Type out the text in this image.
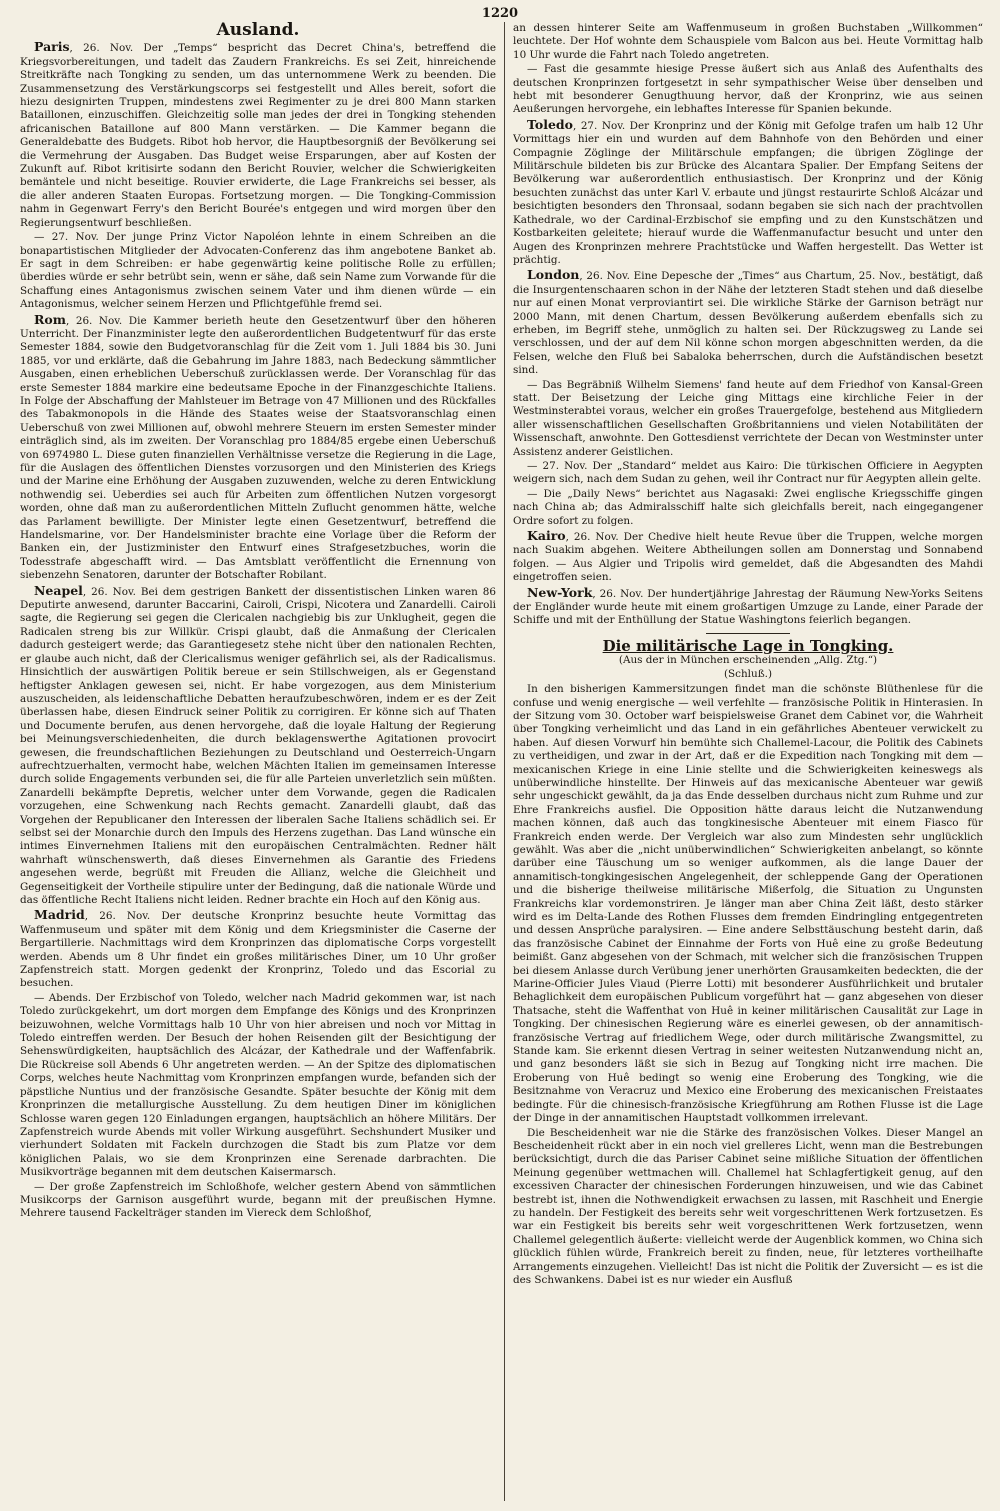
1220
Ausland.

Paris, 26. Nov. Der „Temps“ bespricht das Decret China's, betreffend die Kriegsvorbereitungen, und tadelt das Zaudern Frankreichs. Es sei Zeit, hinreichende Streitkräfte nach Tongking zu senden, um das unternommene Werk zu beenden. Die Zusammensetzung des Verstärkungscorps sei festgestellt und Alles bereit, sofort die hiezu designirten Truppen, mindestens zwei Regimenter zu je drei 800 Mann starken Bataillonen, einzuschiffen. Gleichzeitig solle man jedes der drei in Tongking stehenden africanischen Bataillone auf 800 Mann verstärken. — Die Kammer begann die Generaldebatte des Budgets. Ribot hob hervor, die Hauptbesorgniß der Bevölkerung sei die Vermehrung der Ausgaben. Das Budget weise Ersparungen, aber auf Kosten der Zukunft auf. Ribot kritisirte sodann den Bericht Rouvier, welcher die Schwierigkeiten bemäntele und nicht beseitige. Rouvier erwiderte, die Lage Frankreichs sei besser, als die aller anderen Staaten Europas. Fortsetzung morgen. — Die Tongking-Commission nahm in Gegenwart Ferry's den Bericht Bourée's entgegen und wird morgen über den Regierungsentwurf beschließen.

— 27. Nov. Der junge Prinz Victor Napoléon lehnte in einem Schreiben an die bonapartistischen Mitglieder der Advocaten-Conferenz das ihm angebotene Banket ab. Er sagt in dem Schreiben: er habe gegenwärtig keine politische Rolle zu erfüllen; überdies würde er sehr betrübt sein, wenn er sähe, daß sein Name zum Vorwande für die Schaffung eines Antagonismus zwischen seinem Vater und ihm dienen würde — ein Antagonismus, welcher seinem Herzen und Pflichtgefühle fremd sei.

Rom, 26. Nov. Die Kammer berieth heute den Gesetzentwurf über den höheren Unterricht. Der Finanzminister legte den außerordentlichen Budgetentwurf für das erste Semester 1884, sowie den Budgetvoranschlag für die Zeit vom 1. Juli 1884 bis 30. Juni 1885, vor und erklärte, daß die Gebahrung im Jahre 1883, nach Bedeckung sämmtlicher Ausgaben, einen erheblichen Ueberschuß zurücklassen werde. Der Voranschlag für das erste Semester 1884 markire eine bedeutsame Epoche in der Finanzgeschichte Italiens. In Folge der Abschaffung der Mahlsteuer im Betrage von 47 Millionen und des Rückfalles des Tabakmonopols in die Hände des Staates weise der Staatsvoranschlag einen Ueberschuß von zwei Millionen auf, obwohl mehrere Steuern im ersten Semester minder einträglich sind, als im zweiten. Der Voranschlag pro 1884/85 ergebe einen Ueberschuß von 6974980 L. Diese guten finanziellen Verhältnisse versetze die Regierung in die Lage, für die Auslagen des öffentlichen Dienstes vorzusorgen und den Ministerien des Kriegs und der Marine eine Erhöhung der Ausgaben zuzuwenden, welche zu deren Entwicklung nothwendig sei. Ueberdies sei auch für Arbeiten zum öffentlichen Nutzen vorgesorgt worden, ohne daß man zu außerordentlichen Mitteln Zuflucht genommen hätte, welche das Parlament bewilligte. Der Minister legte einen Gesetzentwurf, betreffend die Handelsmarine, vor. Der Handelsminister brachte eine Vorlage über die Reform der Banken ein, der Justizminister den Entwurf eines Strafgesetzbuches, worin die Todesstrafe abgeschafft wird. — Das Amtsblatt veröffentlicht die Ernennung von siebenzehn Senatoren, darunter der Botschafter Robilant.

Neapel, 26. Nov. Bei dem gestrigen Bankett der dissentistischen Linken waren 86 Deputirte anwesend, darunter Baccarini, Cairoli, Crispi, Nicotera und Zanardelli. Cairoli sagte, die Regierung sei gegen die Clericalen nachgiebig bis zur Unklugheit, gegen die Radicalen streng bis zur Willkür. Crispi glaubt, daß die Anmaßung der Clericalen dadurch gesteigert werde; das Garantiegesetz stehe nicht über den nationalen Rechten, er glaube auch nicht, daß der Clericalismus weniger gefährlich sei, als der Radicalismus. Hinsichtlich der auswärtigen Politik bereue er sein Stillschweigen, als er Gegenstand heftigster Anklagen gewesen sei, nicht. Er habe vorgezogen, aus dem Ministerium auszuscheiden, als leidenschaftliche Debatten heraufzubeschwören, indem er es der Zeit überlassen habe, diesen Eindruck seiner Politik zu corrigiren. Er könne sich auf Thaten und Documente berufen, aus denen hervorgehe, daß die loyale Haltung der Regierung bei Meinungsverschiedenheiten, die durch beklagenswerthe Agitationen provocirt gewesen, die freundschaftlichen Beziehungen zu Deutschland und Oesterreich-Ungarn aufrechtzuerhalten, vermocht habe, welchen Mächten Italien im gemeinsamen Interesse durch solide Engagements verbunden sei, die für alle Parteien unverletzlich sein müßten. Zanardelli bekämpfte Depretis, welcher unter dem Vorwande, gegen die Radicalen vorzugehen, eine Schwenkung nach Rechts gemacht. Zanardelli glaubt, daß das Vorgehen der Republicaner den Interessen der liberalen Sache Italiens schädlich sei. Er selbst sei der Monarchie durch den Impuls des Herzens zugethan. Das Land wünsche ein intimes Einvernehmen Italiens mit den europäischen Centralmächten. Redner hält wahrhaft wünschenswerth, daß dieses Einvernehmen als Garantie des Friedens angesehen werde, begrüßt mit Freuden die Allianz, welche die Gleichheit und Gegenseitigkeit der Vortheile stipulire unter der Bedingung, daß die nationale Würde und das öffentliche Recht Italiens nicht leiden. Redner brachte ein Hoch auf den König aus.

Madrid, 26. Nov. Der deutsche Kronprinz besuchte heute Vormittag das Waffenmuseum und später mit dem König und dem Kriegsminister die Caserne der Bergartillerie. Nachmittags wird dem Kronprinzen das diplomatische Corps vorgestellt werden. Abends um 8 Uhr findet ein großes militärisches Diner, um 10 Uhr großer Zapfenstreich statt. Morgen gedenkt der Kronprinz, Toledo und das Escorial zu besuchen.

— Abends. Der Erzbischof von Toledo, welcher nach Madrid gekommen war, ist nach Toledo zurückgekehrt, um dort morgen dem Empfange des Königs und des Kronprinzen beizuwohnen, welche Vormittags halb 10 Uhr von hier abreisen und noch vor Mittag in Toledo eintreffen werden. Der Besuch der hohen Reisenden gilt der Besichtigung der Sehenswürdigkeiten, hauptsächlich des Alcázar, der Kathedrale und der Waffenfabrik. Die Rückreise soll Abends 6 Uhr angetreten werden. — An der Spitze des diplomatischen Corps, welches heute Nachmittag vom Kronprinzen empfangen wurde, befanden sich der päpstliche Nuntius und der französische Gesandte. Später besuchte der König mit dem Kronprinzen die metallurgische Ausstellung. Zu dem heutigen Diner im königlichen Schlosse waren gegen 120 Einladungen ergangen, hauptsächlich an höhere Militärs. Der Zapfenstreich wurde Abends mit voller Wirkung ausgeführt. Sechshundert Musiker und vierhundert Soldaten mit Fackeln durchzogen die Stadt bis zum Platze vor dem königlichen Palais, wo sie dem Kronprinzen eine Serenade darbrachten. Die Musikvorträge begannen mit dem deutschen Kaisermarsch.

— Der große Zapfenstreich im Schloßhofe, welcher gestern Abend von sämmtlichen Musikcorps der Garnison ausgeführt wurde, begann mit der preußischen Hymne. Mehrere tausend Fackelträger standen im Viereck dem Schloßhof,

an dessen hinterer Seite am Waffenmuseum in großen Buchstaben „Willkommen“ leuchtete. Der Hof wohnte dem Schauspiele vom Balcon aus bei. Heute Vormittag halb 10 Uhr wurde die Fahrt nach Toledo angetreten.

— Fast die gesammte hiesige Presse äußert sich aus Anlaß des Aufenthalts des deutschen Kronprinzen fortgesetzt in sehr sympathischer Weise über denselben und hebt mit besonderer Genugthuung hervor, daß der Kronprinz, wie aus seinen Aeußerungen hervorgehe, ein lebhaftes Interesse für Spanien bekunde.

Toledo, 27. Nov. Der Kronprinz und der König mit Gefolge trafen um halb 12 Uhr Vormittags hier ein und wurden auf dem Bahnhofe von den Behörden und einer Compagnie Zöglinge der Militärschule empfangen; die übrigen Zöglinge der Militärschule bildeten bis zur Brücke des Alcantara Spalier. Der Empfang Seitens der Bevölkerung war außerordentlich enthusiastisch. Der Kronprinz und der König besuchten zunächst das unter Karl V. erbaute und jüngst restaurirte Schloß Alcázar und besichtigten besonders den Thronsaal, sodann begaben sie sich nach der prachtvollen Kathedrale, wo der Cardinal-Erzbischof sie empfing und zu den Kunstschätzen und Kostbarkeiten geleitete; hierauf wurde die Waffenmanufactur besucht und unter den Augen des Kronprinzen mehrere Prachtstücke und Waffen hergestellt. Das Wetter ist prächtig.

London, 26. Nov. Eine Depesche der „Times“ aus Chartum, 25. Nov., bestätigt, daß die Insurgentenschaaren schon in der Nähe der letzteren Stadt stehen und daß dieselbe nur auf einen Monat verproviantirt sei. Die wirkliche Stärke der Garnison beträgt nur 2000 Mann, mit denen Chartum, dessen Bevölkerung außerdem ebenfalls sich zu erheben, im Begriff stehe, unmöglich zu halten sei. Der Rückzugsweg zu Lande sei verschlossen, und der auf dem Nil könne schon morgen abgeschnitten werden, da die Felsen, welche den Fluß bei Sabaloka beherrschen, durch die Aufständischen besetzt sind.

— Das Begräbniß Wilhelm Siemens' fand heute auf dem Friedhof von Kansal-Green statt. Der Beisetzung der Leiche ging Mittags eine kirchliche Feier in der Westminsterabtei voraus, welcher ein großes Trauergefolge, bestehend aus Mitgliedern aller wissenschaftlichen Gesellschaften Großbritanniens und vielen Notabilitäten der Wissenschaft, anwohnte. Den Gottesdienst verrichtete der Decan von Westminster unter Assistenz anderer Geistlichen.

— 27. Nov. Der „Standard“ meldet aus Kairo: Die türkischen Officiere in Aegypten weigern sich, nach dem Sudan zu gehen, weil ihr Contract nur für Aegypten allein gelte.

— Die „Daily News“ berichtet aus Nagasaki: Zwei englische Kriegsschiffe gingen nach China ab; das Admiralsschiff halte sich gleichfalls bereit, nach eingegangener Ordre sofort zu folgen.

Kairo, 26. Nov. Der Chedive hielt heute Revue über die Truppen, welche morgen nach Suakim abgehen. Weitere Abtheilungen sollen am Donnerstag und Sonnabend folgen. — Aus Algier und Tripolis wird gemeldet, daß die Abgesandten des Mahdi eingetroffen seien.

New-York, 26. Nov. Der hundertjährige Jahrestag der Räumung New-Yorks Seitens der Engländer wurde heute mit einem großartigen Umzuge zu Lande, einer Parade der Schiffe und mit der Enthüllung der Statue Washingtons feierlich begangen.

Die militärische Lage in Tongking.
(Aus der in München erscheinenden „Allg. Ztg.“)
(Schluß.)

In den bisherigen Kammersitzungen findet man die schönste Blüthenlese für die confuse und wenig energische — weil verfehlte — französische Politik in Hinterasien. In der Sitzung vom 30. October warf beispielsweise Granet dem Cabinet vor, die Wahrheit über Tongking verheimlicht und das Land in ein gefährliches Abenteuer verwickelt zu haben. Auf diesen Vorwurf hin bemühte sich Challemel-Lacour, die Politik des Cabinets zu vertheidigen, und zwar in der Art, daß er die Expedition nach Tongking mit dem — mexicanischen Kriege in eine Linie stellte und die Schwierigkeiten keineswegs als unüberwindliche hinstellte. Der Hinweis auf das mexicanische Abenteuer war gewiß sehr ungeschickt gewählt, da ja das Ende desselben durchaus nicht zum Ruhme und zur Ehre Frankreichs ausfiel. Die Opposition hätte daraus leicht die Nutzanwendung machen können, daß auch das tongkinesische Abenteuer mit einem Fiasco für Frankreich enden werde. Der Vergleich war also zum Mindesten sehr unglücklich gewählt. Was aber die „nicht unüberwindlichen“ Schwierigkeiten anbelangt, so könnte darüber eine Täuschung um so weniger aufkommen, als die lange Dauer der annamitisch-tongkingesischen Angelegenheit, der schleppende Gang der Operationen und die bisherige theilweise militärische Mißerfolg, die Situation zu Ungunsten Frankreichs klar vordemonstriren. Je länger man aber China Zeit läßt, desto stärker wird es im Delta-Lande des Rothen Flusses dem fremden Eindringling entgegentreten und dessen Ansprüche paralysiren. — Eine andere Selbsttäuschung besteht darin, daß das französische Cabinet der Einnahme der Forts von Huê eine zu große Bedeutung beimißt. Ganz abgesehen von der Schmach, mit welcher sich die französischen Truppen bei diesem Anlasse durch Verübung jener unerhörten Grausamkeiten bedeckten, die der Marine-Officier Jules Viaud (Pierre Lotti) mit besonderer Ausführlichkeit und brutaler Behaglichkeit dem europäischen Publicum vorgeführt hat — ganz abgesehen von dieser Thatsache, steht die Waffenthat von Huê in keiner militärischen Causalität zur Lage in Tongking. Der chinesischen Regierung wäre es einerlei gewesen, ob der annamitisch-französische Vertrag auf friedlichem Wege, oder durch militärische Zwangsmittel, zu Stande kam. Sie erkennt diesen Vertrag in seiner weitesten Nutzanwendung nicht an, und ganz besonders läßt sie sich in Bezug auf Tongking nicht irre machen. Die Eroberung von Huê bedingt so wenig eine Eroberung des Tongking, wie die Besitznahme von Veracruz und Mexico eine Eroberung des mexicanischen Freistaates bedingte. Für die chinesisch-französische Kriegführung am Rothen Flusse ist die Lage der Dinge in der annamitischen Hauptstadt vollkommen irrelevant.

Die Bescheidenheit war nie die Stärke des französischen Volkes. Dieser Mangel an Bescheidenheit rückt aber in ein noch viel grelleres Licht, wenn man die Bestrebungen berücksichtigt, durch die das Pariser Cabinet seine mißliche Situation der öffentlichen Meinung gegenüber wettmachen will. Challemel hat Schlagfertigkeit genug, auf den excessiven Character der chinesischen Forderungen hinzuweisen, und wie das Cabinet bestrebt ist, ihnen die Nothwendigkeit erwachsen zu lassen, mit Raschheit und Energie zu handeln. Der Festigkeit des bereits sehr weit vorgeschrittenen Werk fortzusetzen. Es war ein Festigkeit bis bereits sehr weit vorgeschrittenen Werk fortzusetzen, wenn Challemel gelegentlich äußerte: vielleicht werde der Augenblick kommen, wo China sich glücklich fühlen würde, Frankreich bereit zu finden, neue, für letzteres vortheilhafte Arrangements einzugehen. Vielleicht! Das ist nicht die Politik der Zuversicht — es ist die des Schwankens. Dabei ist es nur wieder ein Ausfluß
